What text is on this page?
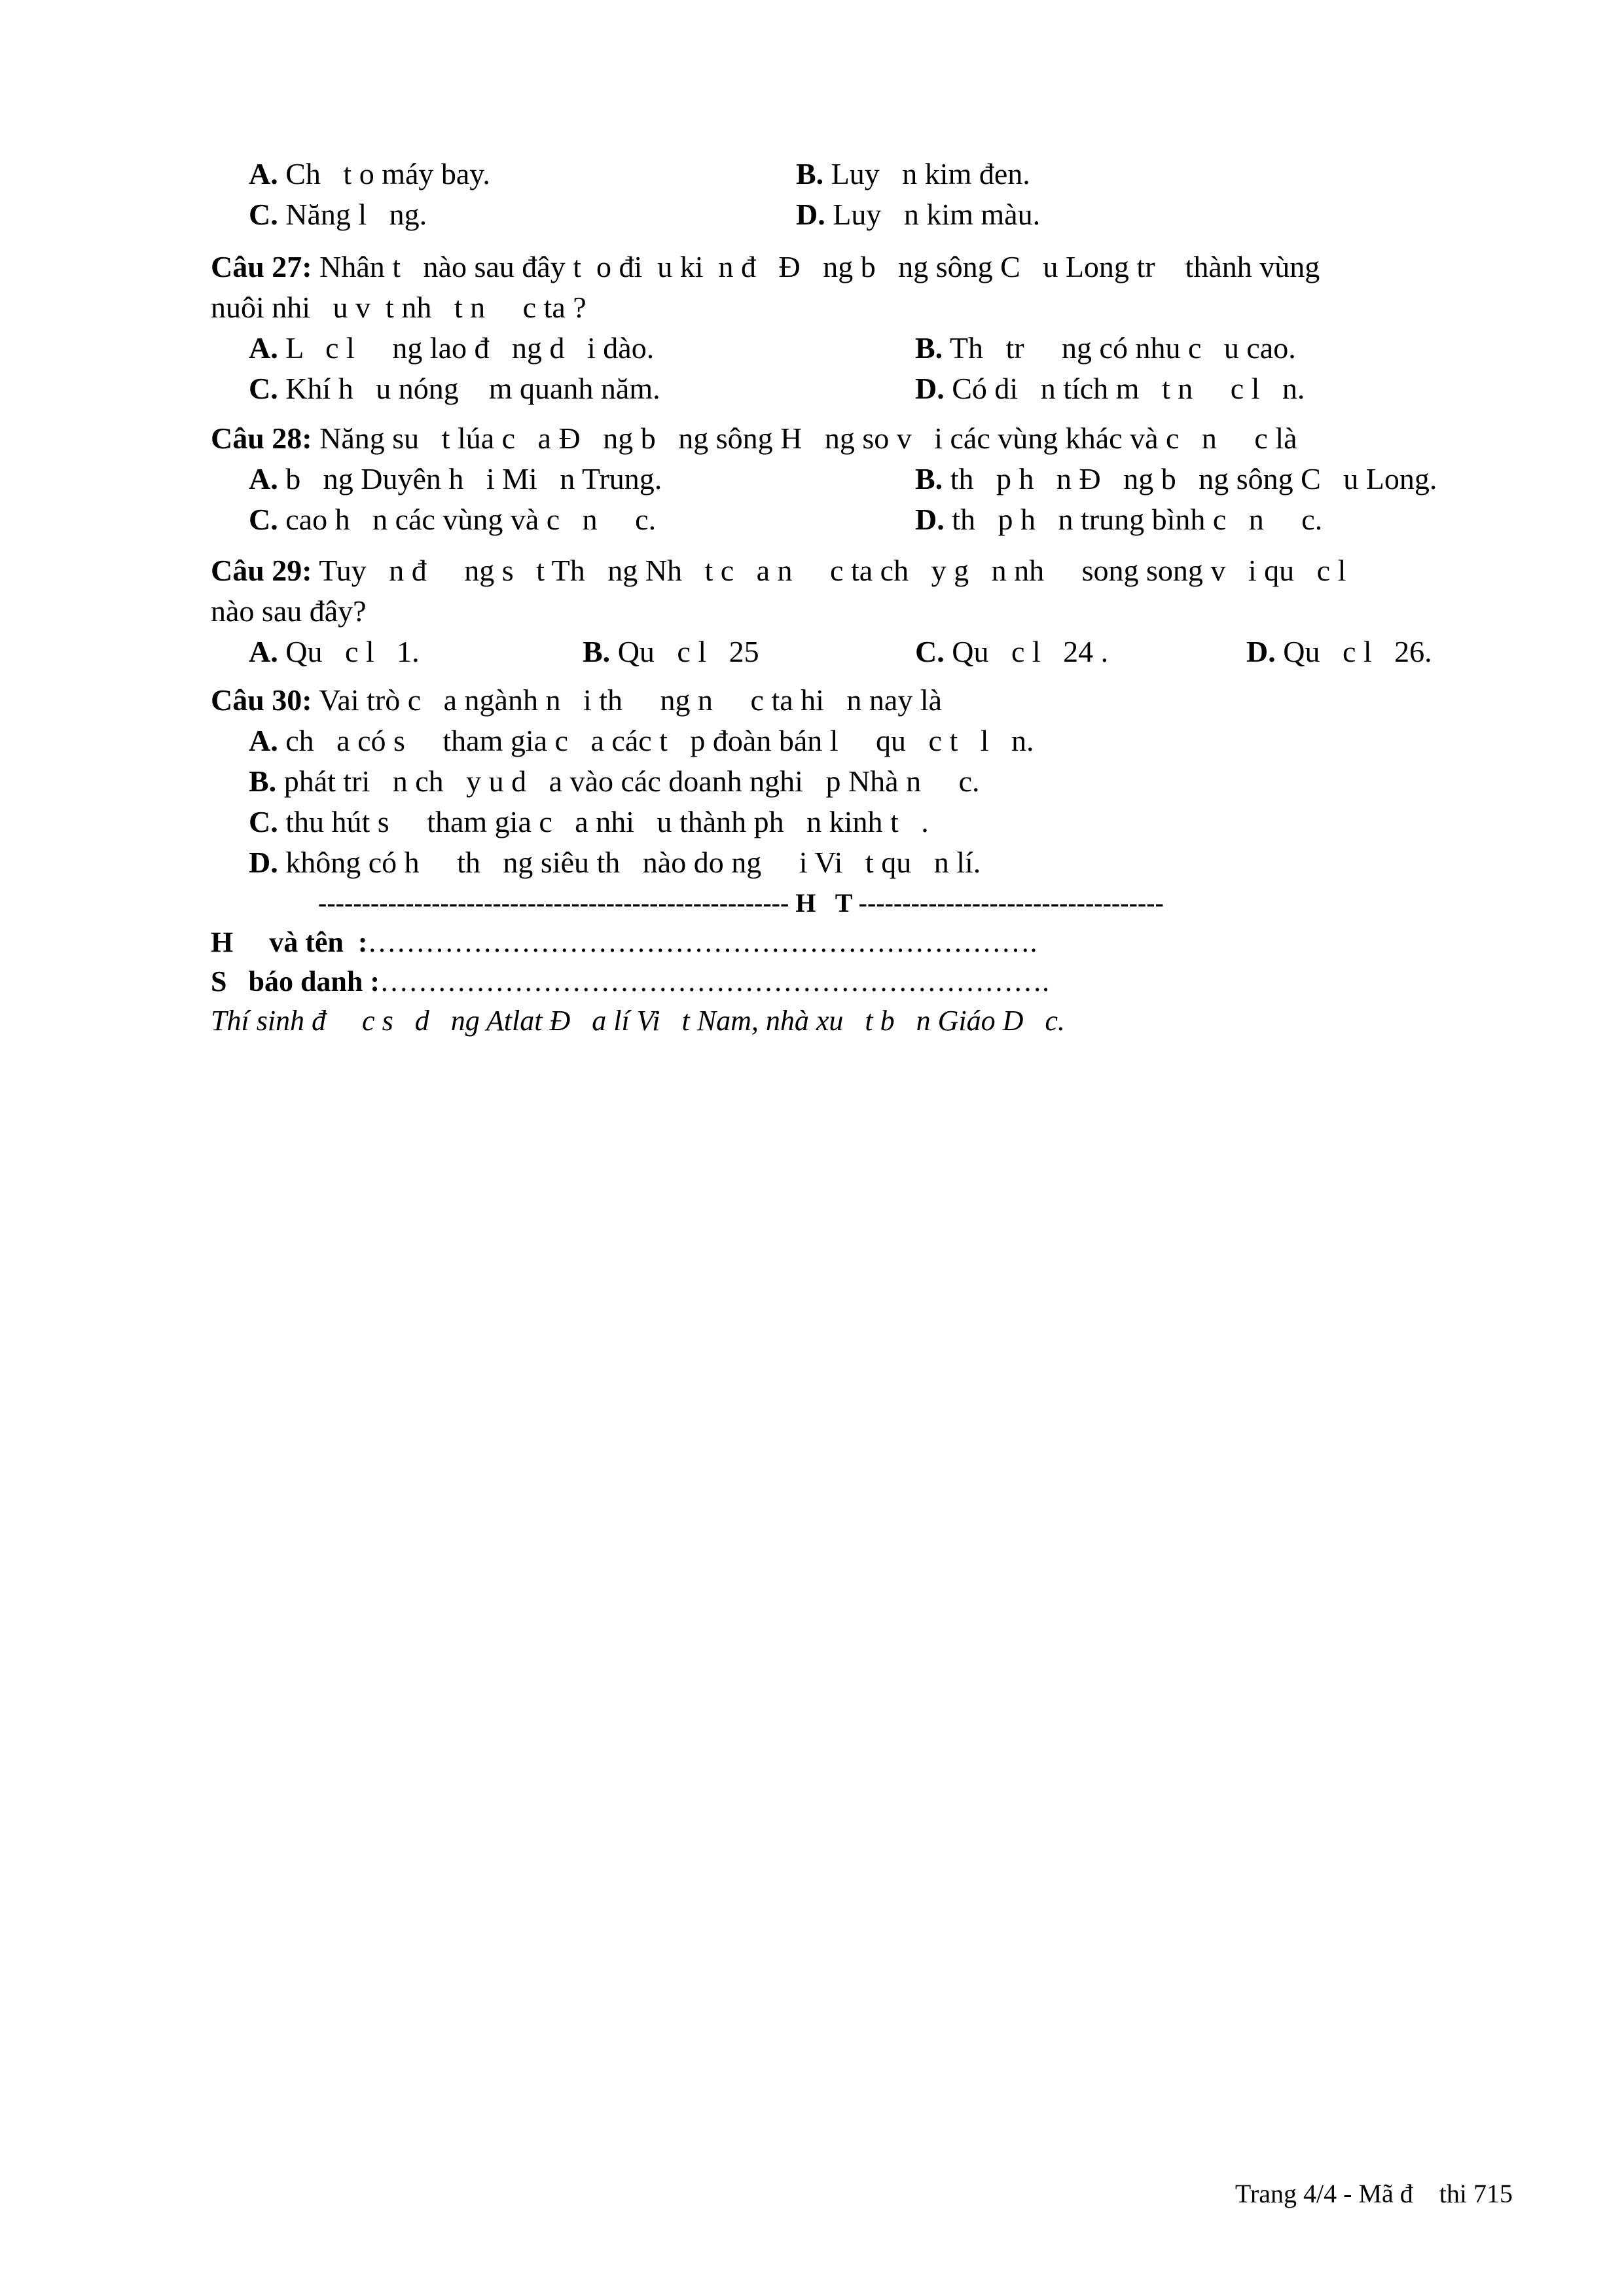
A. Ch   t o máy bay.	B. Luy   n kim đen.
C. Năng l   ng.	D. Luy   n kim màu.
Câu 27: Nhân t   nào sau đây t  o đi  u ki  n đ   Đ   ng b   ng sông C   u Long tr    thành vùng
nuôi nhi   u v  t nh   t n     c ta ?
A. L   c l     ng lao đ   ng d   i dào.	B. Th   tr     ng có nhu c   u cao.
C. Khí h   u nóng    m quanh năm.	D. Có di   n tích m   t n     c l   n.
Câu 28: Năng su   t lúa c   a Đ   ng b   ng sông H   ng so v   i các vùng khác và c   n     c là
A. b   ng Duyên h   i Mi   n Trung.	B. th   p h   n Đ   ng b   ng sông C   u Long.
C. cao h   n các vùng và c   n     c.	D. th   p h   n trung bình c   n     c.
Câu 29: Tuy   n đ     ng s   t Th   ng Nh   t c   a n     c ta ch   y g   n nh     song song v   i qu   c l
nào sau đây?
A. Qu   c l   1.	B. Qu   c l   25	C. Qu   c l   24 .	D. Qu   c l   26.
Câu 30: Vai trò c   a ngành n   i th     ng n     c ta hi   n nay là
A. ch   a có s     tham gia c   a các t   p đoàn bán l     qu   c t   l   n.
B. phát tri   n ch   y u d   a vào các doanh nghi   p Nhà n     c.
C. thu hút s     tham gia c   a nhi   u thành ph   n kinh t   .
D. không có h     th   ng siêu th   nào do ng     i Vi   t qu   n lí.
------------------------------------------------------ H   T -----------------------------------
H     và tên  :…………………………………………………………….
S   báo danh :…………………………………………………………….
Thí sinh đ     c s   d   ng Atlat Đ   a lí Vi   t Nam, nhà xu   t b   n Giáo D   c.
Trang 4/4 - Mã đ    thi 715
